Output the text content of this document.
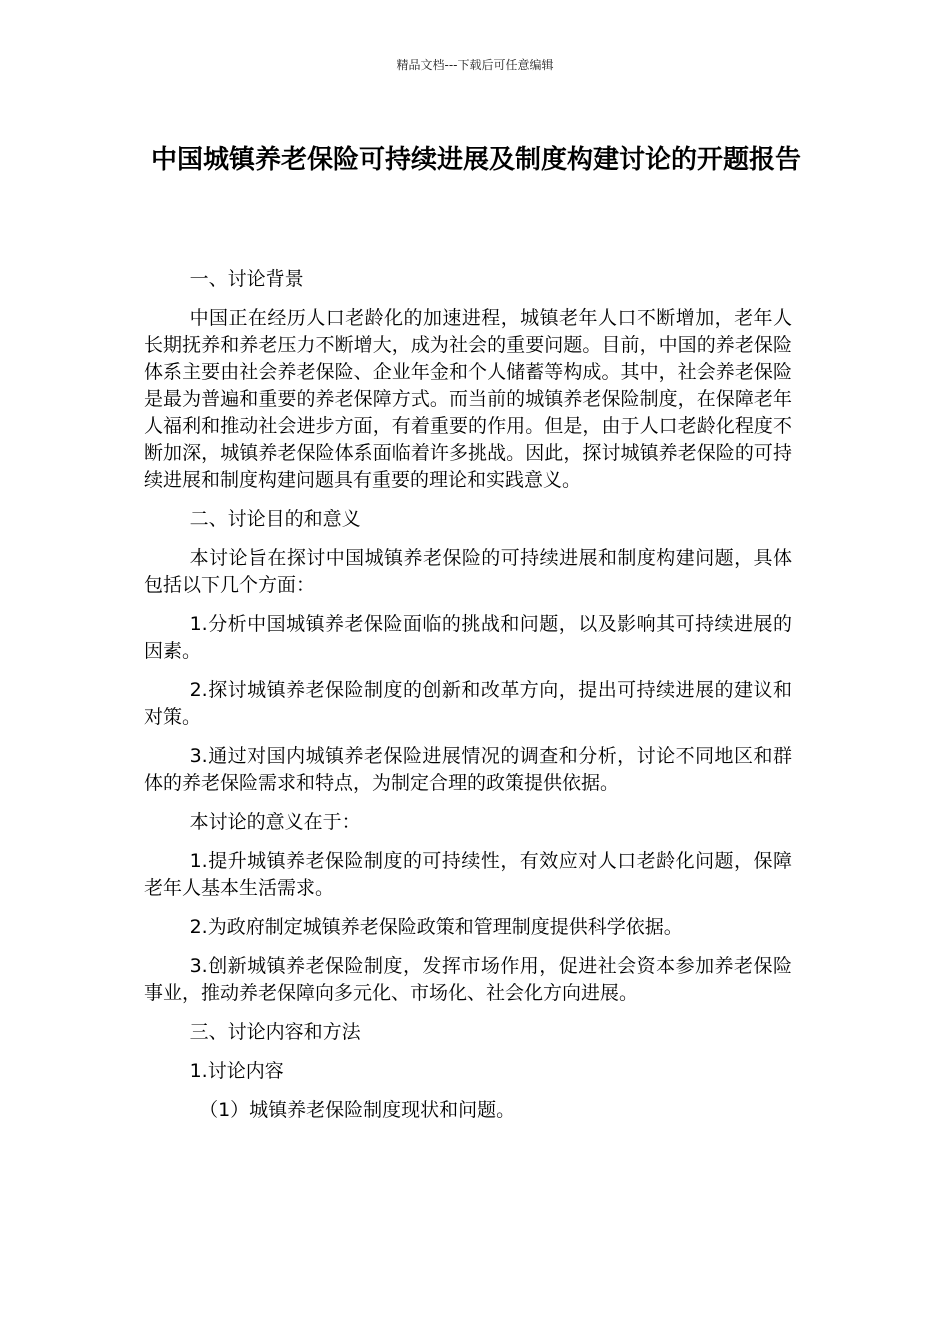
精品文档---下载后可任意编辑
中国城镇养老保险可持续进展及制度构建讨论的开题报告

一、讨论背景

中国正在经历人口老龄化的加速进程，城镇老年人口不断增加，老年人长期抚养和养老压力不断增大，成为社会的重要问题。目前，中国的养老保险体系主要由社会养老保险、企业年金和个人储蓄等构成。其中，社会养老保险是最为普遍和重要的养老保障方式。而当前的城镇养老保险制度，在保障老年人福利和推动社会进步方面，有着重要的作用。但是，由于人口老龄化程度不断加深，城镇养老保险体系面临着许多挑战。因此，探讨城镇养老保险的可持续进展和制度构建问题具有重要的理论和实践意义。

二、讨论目的和意义

本讨论旨在探讨中国城镇养老保险的可持续进展和制度构建问题，具体包括以下几个方面：

1.分析中国城镇养老保险面临的挑战和问题，以及影响其可持续进展的因素。

2.探讨城镇养老保险制度的创新和改革方向，提出可持续进展的建议和对策。

3.通过对国内城镇养老保险进展情况的调查和分析，讨论不同地区和群体的养老保险需求和特点，为制定合理的政策提供依据。

本讨论的意义在于：

1.提升城镇养老保险制度的可持续性，有效应对人口老龄化问题，保障老年人基本生活需求。

2.为政府制定城镇养老保险政策和管理制度提供科学依据。

3.创新城镇养老保险制度，发挥市场作用，促进社会资本参加养老保险事业，推动养老保障向多元化、市场化、社会化方向进展。

三、讨论内容和方法

1.讨论内容

（1）城镇养老保险制度现状和问题。
